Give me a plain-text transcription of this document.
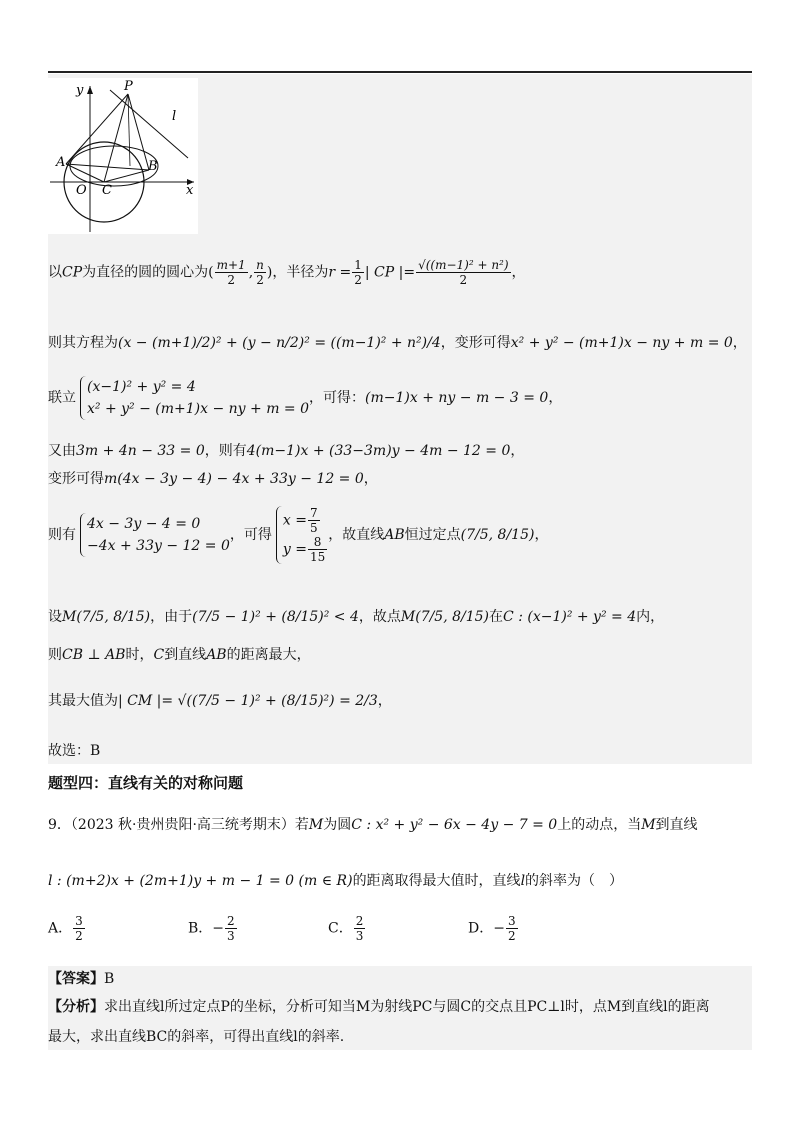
y	P
l
A	B
O C	x
以CP为直径的圆的圆心为( $\frac{m+1}{2}$ , $\frac{n}{2}$ )，半径为$r = \frac{1}{2}$ | CP |= $\frac{\text{√((m−1)² + n²)}}{2}$ ，
则其方程为(x − (m+1)/2)² + (y − n/2)² = ((m−1)² + n²)/4，变形可得x² + y² − (m+1)x − ny + m = 0，
联立
(x−1)² + y² = 4
x² + y² − (m+1)x − ny + m = 0
，可得：(m−1)x + ny − m − 3 = 0，
又由3m + 4n − 33 = 0，则有4(m−1)x + (33−3m)y − 4m − 12 = 0，
变形可得m(4x − 3y − 4) − 4x + 33y − 12 = 0，
则有
4x − 3y − 4 = 0
−4x + 33y − 12 = 0
，可得
$x = \frac{7}{5}$
$y = \frac{8}{15}$ ，故直线AB恒过定点(7/5, 8/15)，
设M(7/5, 8/15)，由于(7/5 − 1)² + (8/15)² < 4，故点M(7/5, 8/15)在C : (x−1)² + y² = 4内，
则CB ⊥ AB时，C到直线AB的距离最大，
其最大值为| CM |= √((7/5 − 1)² + (8/15)²) = 2/3，
故选：B
题型四：直线有关的对称问题
9．（2023 秋·贵州贵阳·高三统考期末）若M为圆C : x² + y² − 6x − 4y − 7 = 0上的动点，当M到直线
l : (m+2)x + (2m+1)y + m − 1 = 0 (m ∈ R)的距离取得最大值时，直线l的斜率为（　）
A． $\frac{3}{2}$	B．− $\frac{2}{3}$	C． $\frac{2}{3}$	D．− $\frac{3}{2}$
【答案】B
【分析】求出直线l所过定点P的坐标，分析可知当M为射线PC与圆C的交点且PC⊥l时，点M到直线l的距离
最大，求出直线BC的斜率，可得出直线l的斜率.
